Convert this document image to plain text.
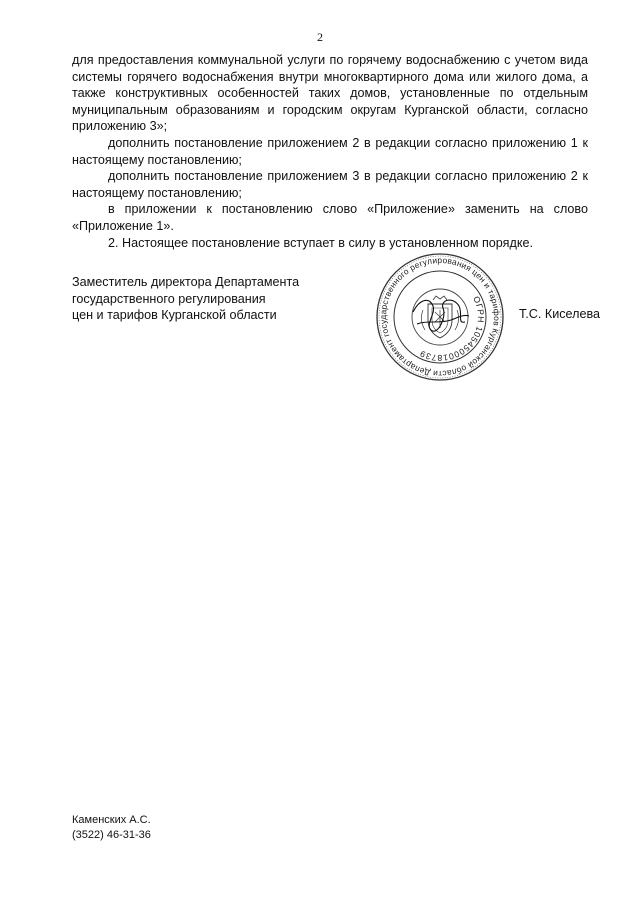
2

для предоставления коммунальной услуги по горячему водоснабжению с учетом вида системы горячего водоснабжения внутри многоквартирного дома или жилого дома, а также конструктивных особенностей таких домов, установленные по отдельным муниципальным образованиям и городским округам Курганской области, согласно приложению 3»;

дополнить постановление приложением 2 в редакции согласно приложению 1 к настоящему постановлению;

дополнить постановление приложением 3 в редакции согласно приложению 2 к настоящему постановлению;

в приложении к постановлению слово «Приложение» заменить на слово «Приложение 1».

2. Настоящее постановление вступает в силу в установленном порядке.

Заместитель директора Департамента
государственного регулирования
цен и тарифов Курганской области
Департамент государственного регулирования цен и тарифов Курганской области
ОГРН 1054500018739
Т.С. Киселева
Каменских А.С.
(3522) 46-31-36
